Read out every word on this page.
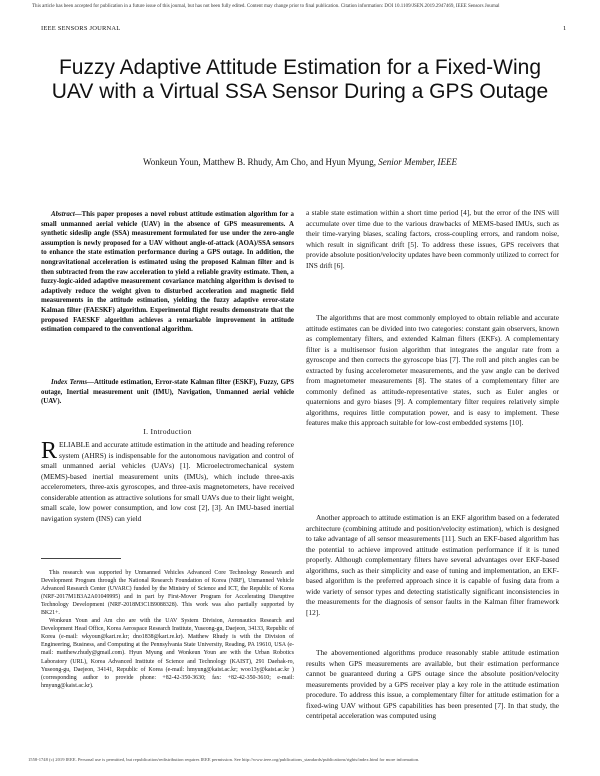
This article has been accepted for publication in a future issue of this journal, but has not been fully edited. Content may change prior to final publication. Citation information: DOI 10.1109/JSEN.2019.2947469, IEEE Sensors Journal
IEEE SENSORS JOURNAL	1
Fuzzy Adaptive Attitude Estimation for a Fixed-Wing UAV with a Virtual SSA Sensor During a GPS Outage
Wonkeun Youn, Matthew B. Rhudy, Am Cho, and Hyun Myung, Senior Member, IEEE

Abstract—This paper proposes a novel robust attitude estimation algorithm for a small unmanned aerial vehicle (UAV) in the absence of GPS measurements. A synthetic sideslip angle (SSA) measurement formulated for use under the zero-angle assumption is newly proposed for a UAV without angle-of-attack (AOA)/SSA sensors to enhance the state estimation performance during a GPS outage. In addition, the nongravitational acceleration is estimated using the proposed Kalman filter and is then subtracted from the raw acceleration to yield a reliable gravity estimate. Then, a fuzzy-logic-aided adaptive measurement covariance matching algorithm is devised to adaptively reduce the weight given to disturbed acceleration and magnetic field measurements in the attitude estimation, yielding the fuzzy adaptive error-state Kalman filter (FAESKF) algorithm. Experimental flight results demonstrate that the proposed FAESKF algorithm achieves a remarkable improvement in attitude estimation compared to the conventional algorithm.

Index Terms—Attitude estimation, Error-state Kalman filter (ESKF), Fuzzy, GPS outage, Inertial measurement unit (IMU), Navigation, Unmanned aerial vehicle (UAV).

I. Introduction

RELIABLE and accurate attitude estimation in the attitude and heading reference system (AHRS) is indispensable for the autonomous navigation and control of small unmanned aerial vehicles (UAVs) [1]. Microelectromechanical system (MEMS)-based inertial measurement units (IMUs), which include three-axis accelerometers, three-axis gyroscopes, and three-axis magnetometers, have received considerable attention as attractive solutions for small UAVs due to their light weight, small scale, low power consumption, and low cost [2], [3]. An IMU-based inertial navigation system (INS) can yield

This research was supported by Unmanned Vehicles Advanced Core Technology Research and Development Program through the National Research Foundation of Korea (NRF), Unmanned Vehicle Advanced Research Center (UVARC) funded by the Ministry of Science and ICT, the Republic of Korea (NRF-2017M1B3A2A01049995) and in part by First-Mover Program for Accelerating Disruptive Technology Development (NRF-2018M3C1B9088328). This work was also partially supported by BK21+.

Wonkeun Youn and Am cho are with the UAV System Division, Aeronautics Research and Development Head Office, Korea Aerospace Research Institute, Yuseong-gu, Daejeon, 34133, Republic of Korea (e-mail: wkyoun@kari.re.kr; dno1838@kari.re.kr). Matthew Rhudy is with the Division of Engineering, Business, and Computing at the Pennsylvania State University, Reading, PA 19610, USA (e-mail: matthew.rhudy@gmail.com). Hyun Myung and Wonkeun Youn are with the Urban Robotics Laboratory (URL), Korea Advanced Institute of Science and Technology (KAIST), 291 Daehak-ro, Yuseong-gu, Daejeon, 34141, Republic of Korea (e-mail: hmyung@kaist.ac.kr; woo13y@kaist.ac.kr ) (corresponding author to provide phone: +82-42-350-3630; fax: +82-42-350-3610; e-mail: hmyung@kaist.ac.kr).

a stable state estimation within a short time period [4], but the error of the INS will accumulate over time due to the various drawbacks of MEMS-based IMUs, such as their time-varying biases, scaling factors, cross-coupling errors, and random noise, which result in significant drift [5]. To address these issues, GPS receivers that provide absolute position/velocity updates have been commonly utilized to correct for INS drift [6].

The algorithms that are most commonly employed to obtain reliable and accurate attitude estimates can be divided into two categories: constant gain observers, known as complementary filters, and extended Kalman filters (EKFs). A complementary filter is a multisensor fusion algorithm that integrates the angular rate from a gyroscope and then corrects the gyroscope bias [7]. The roll and pitch angles can be extracted by fusing accelerometer measurements, and the yaw angle can be derived from magnetometer measurements [8]. The states of a complementary filter are commonly defined as attitude-representative states, such as Euler angles or quaternions and gyro biases [9]. A complementary filter requires relatively simple algorithms, requires little computation power, and is easy to implement. These features make this approach suitable for low-cost embedded systems [10].

Another approach to attitude estimation is an EKF algorithm based on a federated architecture (combining attitude and position/velocity estimation), which is designed to take advantage of all sensor measurements [11]. Such an EKF-based algorithm has the potential to achieve improved attitude estimation performance if it is tuned properly. Although complementary filters have several advantages over EKF-based algorithms, such as their simplicity and ease of tuning and implementation, an EKF-based algorithm is the preferred approach since it is capable of fusing data from a wide variety of sensor types and detecting statistically significant inconsistencies in the measurements for the diagnosis of sensor faults in the Kalman filter framework [12].

The abovementioned algorithms produce reasonably stable attitude estimation results when GPS measurements are available, but their estimation performance cannot be guaranteed during a GPS outage since the absolute position/velocity measurements provided by a GPS receiver play a key role in the attitude estimation procedure. To address this issue, a complementary filter for attitude estimation for a fixed-wing UAV without GPS capabilities has been presented [7]. In that study, the centripetal acceleration was computed using

1558-1748 (c) 2019 IEEE. Personal use is permitted, but republication/redistribution requires IEEE permission. See http://www.ieee.org/publications_standards/publications/rights/index.html for more information.
